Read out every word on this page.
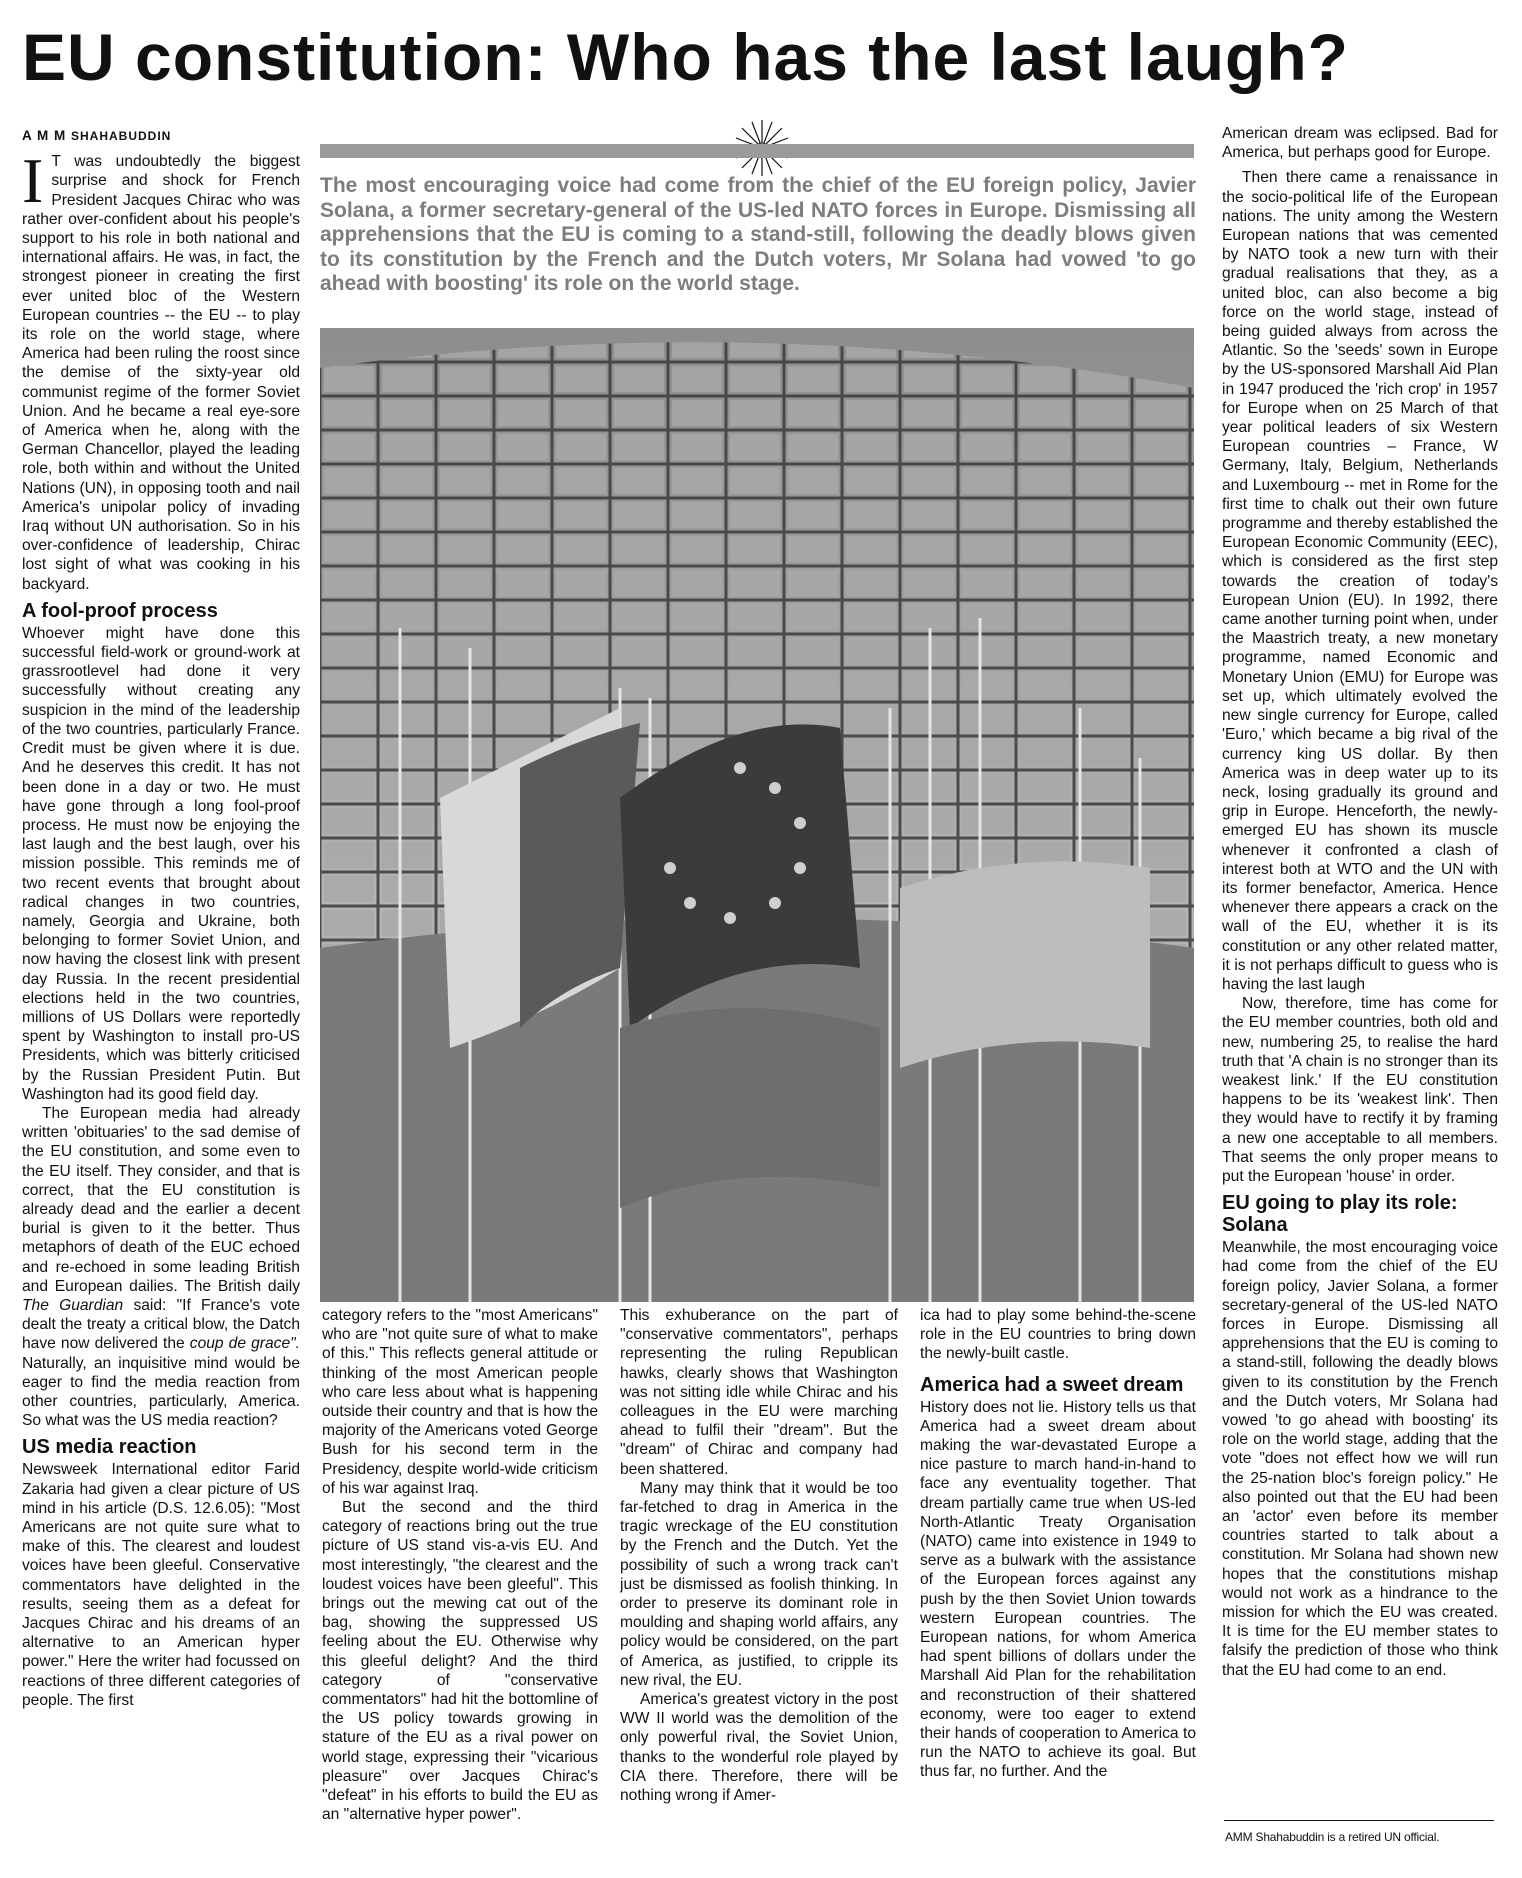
EU constitution: Who has the last laugh?
A M M SHAHABUDDIN
I T was undoubtedly the biggest surprise and shock for French President Jacques Chirac who was rather over-confident about his people's support to his role in both national and international affairs. He was, in fact, the strongest pioneer in creating the first ever united bloc of the Western European countries -- the EU -- to play its role on the world stage, where America had been ruling the roost since the demise of the sixty-year old communist regime of the former Soviet Union. And he became a real eye-sore of America when he, along with the German Chancellor, played the leading role, both within and without the United Nations (UN), in opposing tooth and nail America's unipolar policy of invading Iraq without UN authorisation. So in his over-confidence of leadership, Chirac lost sight of what was cooking in his backyard.

A fool-proof process

Whoever might have done this successful field-work or ground-work at grassrootlevel had done it very successfully without creating any suspicion in the mind of the leadership of the two countries, particularly France. Credit must be given where it is due. And he deserves this credit. It has not been done in a day or two. He must have gone through a long fool-proof process. He must now be enjoying the last laugh and the best laugh, over his mission possible. This reminds me of two recent events that brought about radical changes in two countries, namely, Georgia and Ukraine, both belonging to former Soviet Union, and now having the closest link with present day Russia. In the recent presidential elections held in the two countries, millions of US Dollars were reportedly spent by Washington to install pro-US Presidents, which was bitterly criticised by the Russian President Putin. But Washington had its good field day.

The European media had already written 'obituaries' to the sad demise of the EU constitution, and some even to the EU itself. They consider, and that is correct, that the EU constitution is already dead and the earlier a decent burial is given to it the better. Thus metaphors of death of the EUC echoed and re-echoed in some leading British and European dailies. The British daily The Guardian said: "If France's vote dealt the treaty a critical blow, the Datch have now delivered the coup de grace". Naturally, an inquisitive mind would be eager to find the media reaction from other countries, particularly, America. So what was the US media reaction?

US media reaction

Newsweek International editor Farid Zakaria had given a clear picture of US mind in his article (D.S. 12.6.05): "Most Americans are not quite sure what to make of this. The clearest and loudest voices have been gleeful. Conservative commentators have delighted in the results, seeing them as a defeat for Jacques Chirac and his dreams of an alternative to an American hyper power." Here the writer had focussed on reactions of three different categories of people. The first

The most encouraging voice had come from the chief of the EU foreign policy, Javier Solana, a former secretary-general of the US-led NATO forces in Europe. Dismissing all apprehensions that the EU is coming to a stand-still, following the deadly blows given to its constitution by the French and the Dutch voters, Mr Solana had vowed 'to go ahead with boosting' its role on the world stage.

category refers to the "most Americans" who are "not quite sure of what to make of this." This reflects general attitude or thinking of the most American people who care less about what is happening outside their country and that is how the majority of the Americans voted George Bush for his second term in the Presidency, despite world-wide criticism of his war against Iraq.

But the second and the third category of reactions bring out the true picture of US stand vis-a-vis EU. And most interestingly, "the clearest and the loudest voices have been gleeful". This brings out the mewing cat out of the bag, showing the suppressed US feeling about the EU. Otherwise why this gleeful delight? And the third category of "conservative commentators" had hit the bottomline of the US policy towards growing in stature of the EU as a rival power on world stage, expressing their "vicarious pleasure" over Jacques Chirac's "defeat" in his efforts to build the EU as an "alternative hyper power".

This exhuberance on the part of "conservative commentators", perhaps representing the ruling Republican hawks, clearly shows that Washington was not sitting idle while Chirac and his colleagues in the EU were marching ahead to fulfil their "dream". But the "dream" of Chirac and company had been shattered.

Many may think that it would be too far-fetched to drag in America in the tragic wreckage of the EU constitution by the French and the Dutch. Yet the possibility of such a wrong track can't just be dismissed as foolish thinking. In order to preserve its dominant role in moulding and shaping world affairs, any policy would be considered, on the part of America, as justified, to cripple its new rival, the EU.

America's greatest victory in the post WW II world was the demolition of the only powerful rival, the Soviet Union, thanks to the wonderful role played by CIA there. Therefore, there will be nothing wrong if Amer-

ica had to play some behind-the-scene role in the EU countries to bring down the newly-built castle.

America had a sweet dream

History does not lie. History tells us that America had a sweet dream about making the war-devastated Europe a nice pasture to march hand-in-hand to face any eventuality together. That dream partially came true when US-led North-Atlantic Treaty Organisation (NATO) came into existence in 1949 to serve as a bulwark with the assistance of the European forces against any push by the then Soviet Union towards western European countries. The European nations, for whom America had spent billions of dollars under the Marshall Aid Plan for the rehabilitation and reconstruction of their shattered economy, were too eager to extend their hands of cooperation to America to run the NATO to achieve its goal. But thus far, no further. And the

American dream was eclipsed. Bad for America, but perhaps good for Europe.

Then there came a renaissance in the socio-political life of the European nations. The unity among the Western European nations that was cemented by NATO took a new turn with their gradual realisations that they, as a united bloc, can also become a big force on the world stage, instead of being guided always from across the Atlantic. So the 'seeds' sown in Europe by the US-sponsored Marshall Aid Plan in 1947 produced the 'rich crop' in 1957 for Europe when on 25 March of that year political leaders of six Western European countries – France, W Germany, Italy, Belgium, Netherlands and Luxembourg -- met in Rome for the first time to chalk out their own future programme and thereby established the European Economic Community (EEC), which is considered as the first step towards the creation of today's European Union (EU). In 1992, there came another turning point when, under the Maastrich treaty, a new monetary programme, named Economic and Monetary Union (EMU) for Europe was set up, which ultimately evolved the new single currency for Europe, called 'Euro,' which became a big rival of the currency king US dollar. By then America was in deep water up to its neck, losing gradually its ground and grip in Europe. Henceforth, the newly-emerged EU has shown its muscle whenever it confronted a clash of interest both at WTO and the UN with its former benefactor, America. Hence whenever there appears a crack on the wall of the EU, whether it is its constitution or any other related matter, it is not perhaps difficult to guess who is having the last laugh

Now, therefore, time has come for the EU member countries, both old and new, numbering 25, to realise the hard truth that 'A chain is no stronger than its weakest link.' If the EU constitution happens to be its 'weakest link'. Then they would have to rectify it by framing a new one acceptable to all members. That seems the only proper means to put the European 'house' in order.

EU going to play its role: Solana

Meanwhile, the most encouraging voice had come from the chief of the EU foreign policy, Javier Solana, a former secretary-general of the US-led NATO forces in Europe. Dismissing all apprehensions that the EU is coming to a stand-still, following the deadly blows given to its constitution by the French and the Dutch voters, Mr Solana had vowed 'to go ahead with boosting' its role on the world stage, adding that the vote "does not effect how we will run the 25-nation bloc's foreign policy." He also pointed out that the EU had been an 'actor' even before its member countries started to talk about a constitution. Mr Solana had shown new hopes that the constitutions mishap would not work as a hindrance to the mission for which the EU was created. It is time for the EU member states to falsify the prediction of those who think that the EU had come to an end.

AMM Shahabuddin is a retired UN official.
